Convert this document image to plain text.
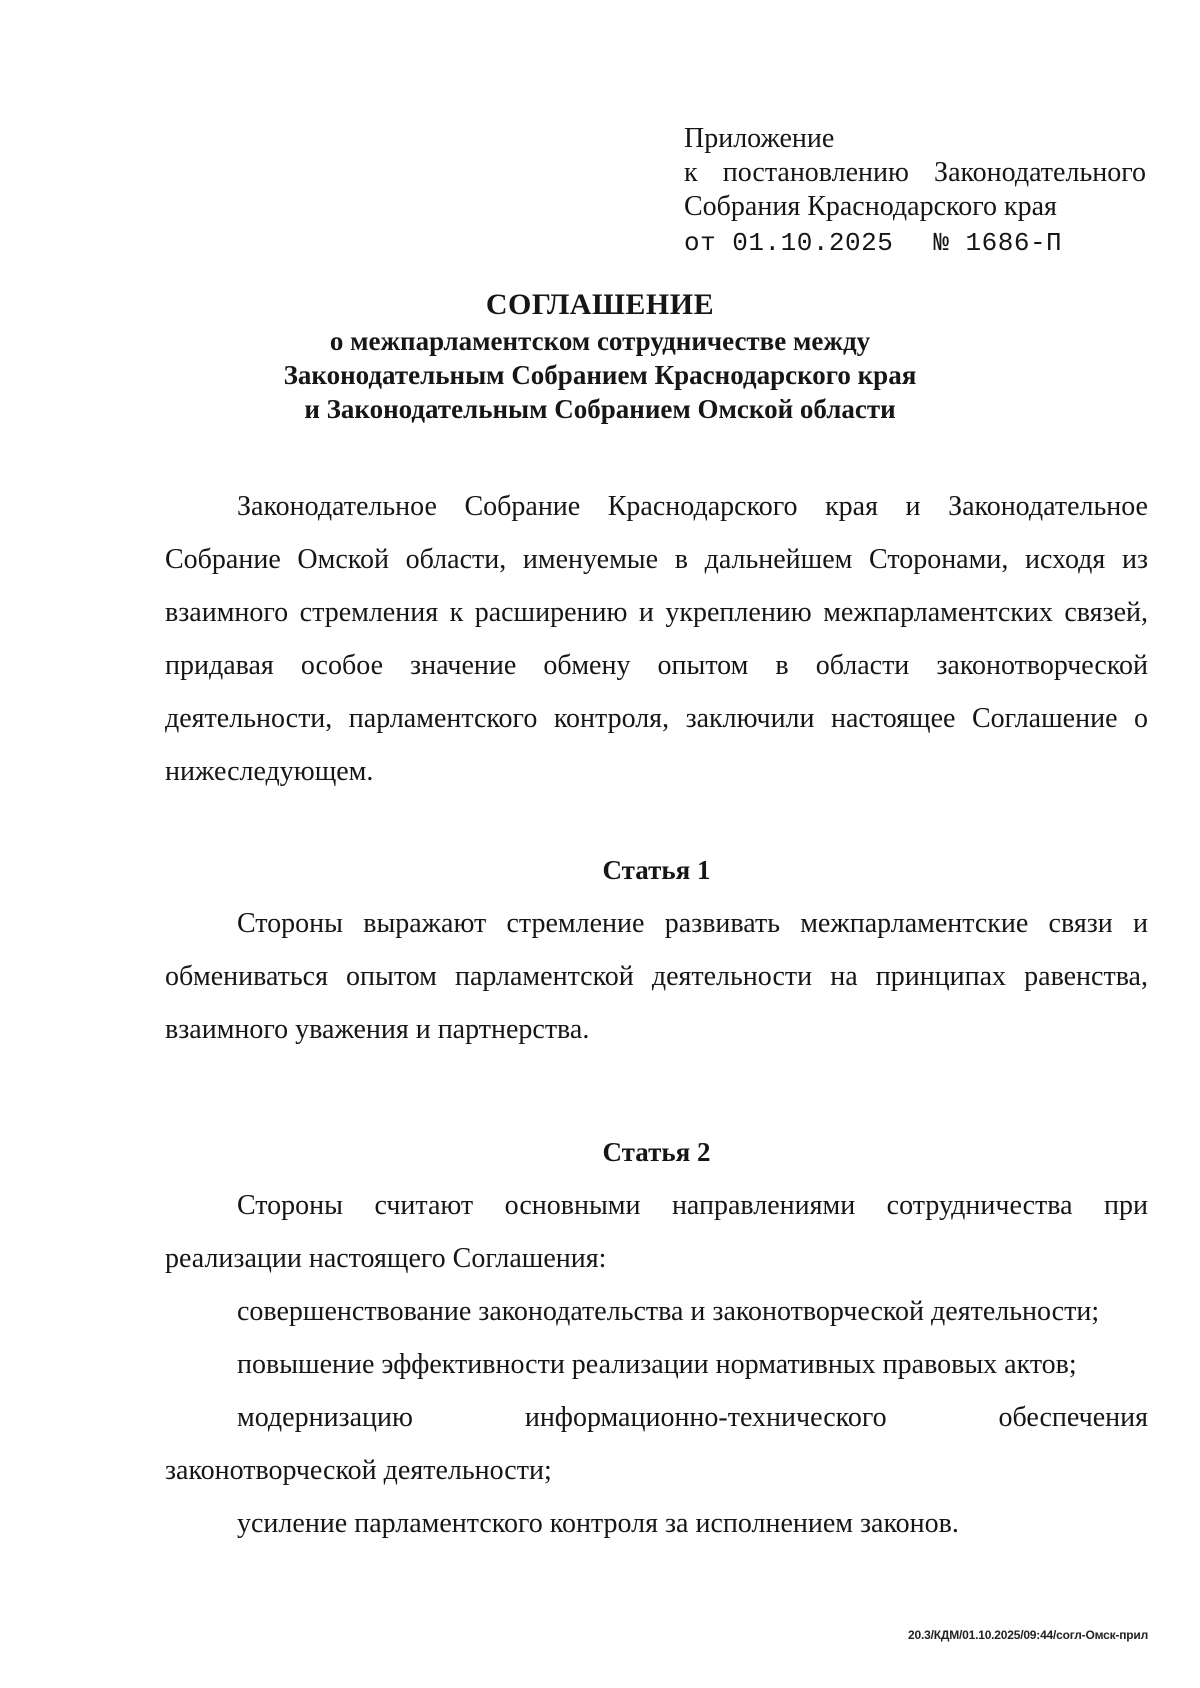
Приложение
к постановлению Законодательного
Собрания Краснодарского края
от 01.10.2025 № 1686-П
СОГЛАШЕНИЕ
о межпарламентском сотрудничестве между
Законодательным Собранием Краснодарского края
и Законодательным Собранием Омской области

Законодательное Собрание Краснодарского края и Законодательное Собрание Омской области, именуемые в дальнейшем Сторонами, исходя из взаимного стремления к расширению и укреплению межпарламентских связей, придавая особое значение обмену опытом в области законотворческой деятельности, парламентского контроля, заключили настоящее Соглашение о нижеследующем.

Статья 1

Стороны выражают стремление развивать межпарламентские связи и обмениваться опытом парламентской деятельности на принципах равенства, взаимного уважения и партнерства.

Статья 2

Стороны считают основными направлениями сотрудничества при реализации настоящего Соглашения:

совершенствование законодательства и законотворческой деятельности;

повышение эффективности реализации нормативных правовых актов;

модернизацию информационно-технического обеспечения законотворческой деятельности;

усиление парламентского контроля за исполнением законов.

20.3/КДМ/01.10.2025/09:44/согл-Омск-прил
